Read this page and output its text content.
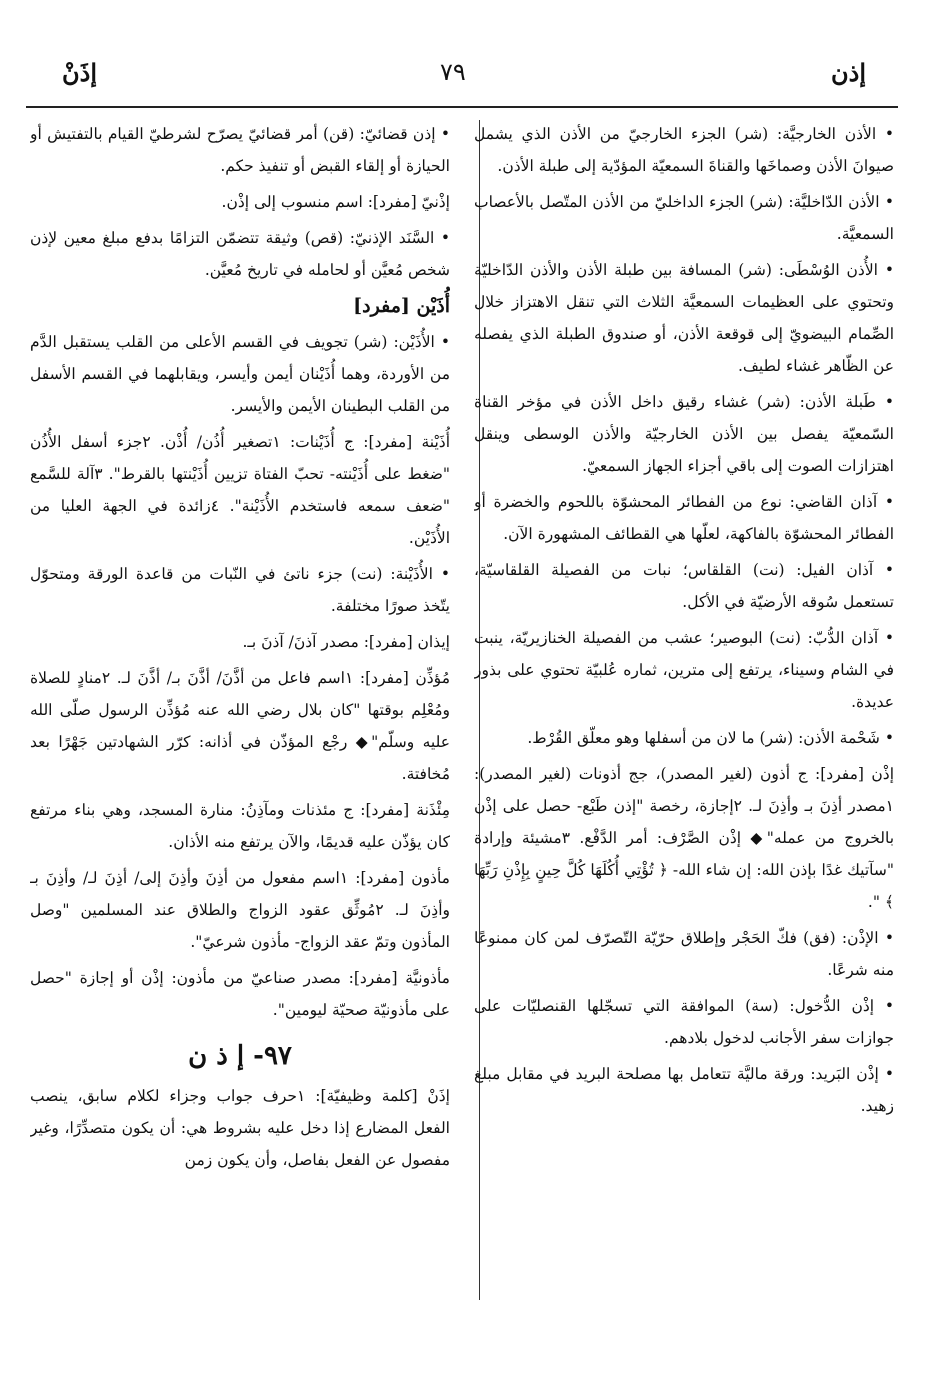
إذن
٧٩
إذَنْ

• الأذن الخارجيَّة: (شر) الجزء الخارجيّ من الأذن الذي يشمل صيوانَ الأذن وصماخَها والقناةَ السمعيّة المؤدّية إلى طبلة الأذن.

• الأذن الدّاخليَّة: (شر) الجزء الداخليّ من الأذن المتّصل بالأعصاب السمعيَّة.

• الأُذن الوُسْطَى: (شر) المسافة بين طبلة الأذن والأذن الدّاخليّة وتحتوي على العظيمات السمعيَّة الثلاث التي تنقل الاهتزاز خلال الصِّمام البيضويّ إلى قوقعة الأذن، أو صندوق الطبلة الذي يفصله عن الظّاهر غشاء لطيف.

• طَبلة الأذن: (شر) غشاء رقيق داخل الأذن في مؤخر القناة السّمعيّة يفصل بين الأذن الخارجيّة والأذن الوسطى وينقل اهتزازات الصوت إلى باقي أجزاء الجهاز السمعيّ.

• آذان القاضي: نوع من الفطائر المحشوّة باللحوم والخضرة أو الفطائر المحشوّة بالفاكهة، لعلّها هي القطائف المشهورة الآن.

• آذان الفيل: (نت) القلقاس؛ نبات من الفصيلة القلقاسيّة، تستعمل سُوقه الأرضيّة في الأكل.

• آذان الدُّبّ: (نت) البوصير؛ عشب من الفصيلة الخنازيريّة، ينبت في الشام وسيناء، يرتفع إلى مترين، ثماره عُلبيّة تحتوي على بذور عديدة.

• شَحْمة الأذن: (شر) ما لان من أسفلها وهو معلّق القُرْط.

إذْن [مفرد]: ج أذون (لغير المصدر)، جج أذونات (لغير المصدر): ١مصدر أذِنَ بـ وأذِنَ لـ. ٢إجازة، رخصة "إذن طَبْع- حصل على إذْن بالخروج من عمله"◆ إذْن الصَّرْف: أمر الدَّفْع. ٣مشيئة وإرادة "سآتيك غدًا بإذن الله: إن شاء الله- ﴿ تُؤْتِي أُكُلَهَا كُلَّ حِينٍ بِإِذْنِ رَبِّهَا ﴾ ".

• الإذْن: (فق) فكّ الحَجْر وإطلاق حرّيّة التّصرّف لمن كان ممنوعًا منه شرعًا.

• إذْن الدُّخول: (سة) الموافقة التي تسجّلها القنصليّات على جوازات سفر الأجانب لدخول بلادهم.

• إذْن البَريد: ورقة ماليَّة تتعامل بها مصلحة البريد في مقابل مبلغ زهيد.

• إذن قضائيّ: (قن) أمر قضائيّ يصرّح لشرطيّ القيام بالتفتيش أو الحيازة أو إلقاء القبض أو تنفيذ حكم.

إذْنيّ [مفرد]: اسم منسوب إلى إذْن.

• السَّنَد الإذنيّ: (قص) وثيقة تتضمّن التزامًا بدفع مبلغ معين لإذن شخص مُعيَّن أو لحامله في تاريخ مُعيَّن.

أُذَيْن [مفرد]

• الأُذَيْن: (شر) تجويف في القسم الأعلى من القلب يستقبل الدَّم من الأوردة، وهما أُذَيْنان أيمن وأيسر، ويقابلهما في القسم الأسفل من القلب البطينان الأيمن والأيسر.

أُذَيْنة [مفرد]: ج أُذَيْنات: ١تصغير أُذُن/ أُذْن. ٢جزء أسفل الأُذُن "ضغط على أُذَيْنته- تحبّ الفتاة تزيين أُذَيْنتها بالقرط". ٣آلة للسَّمع "ضعف سمعه فاستخدم الأُذَيْنة". ٤زائدة في الجهة العليا من الأُذَيْن.

• الأُذَيْنة: (نت) جزء ناتئ في النّبات من قاعدة الورقة ومتحوّل يتّخذ صورًا مختلفة.

إيذان [مفرد]: مصدر آذنَ/ آذنَ بـ.

مُؤذِّن [مفرد]: ١اسم فاعل من أذَّنَ/ أذَّنَ بـ/ أذَّنَ لـ. ٢منادٍ للصلاة ومُعْلِم بوقتها "كان بلال رضي الله عنه مُؤذِّن الرسول صلّى الله عليه وسلّم"◆ رجْع المؤذّن في أذانه: كرّر الشهادتين جَهْرًا بعد مُخافتة.

مِئْذَنة [مفرد]: ج مئذنات ومآذِنُ: منارة المسجد، وهي بناء مرتفع كان يؤذّن عليه قديمًا، والآن يرتفع منه الأذان.

مأذون [مفرد]: ١اسم مفعول من أذِنَ وأذِنَ إلى/ أذِنَ لـ/ وأذِنَ بـ وأذِنَ لـ. ٢مُوثِّق عقود الزواج والطلاق عند المسلمين "وصل المأذون وتمّ عقد الزواج- مأذون شرعيّ".

مأذونيَّة [مفرد]: مصدر صناعيّ من مأذون: إذْن أو إجازة "حصل على مأذونيّة صحيّة ليومين".

٩٧- إ ذ ن

إذَنْ [كلمة وظيفيّة]: ١حرف جواب وجزاء لكلام سابق، ينصب الفعل المضارع إذا دخل عليه بشروط هي: أن يكون متصدِّرًا، وغير مفصول عن الفعل بفاصل، وأن يكون زمن
